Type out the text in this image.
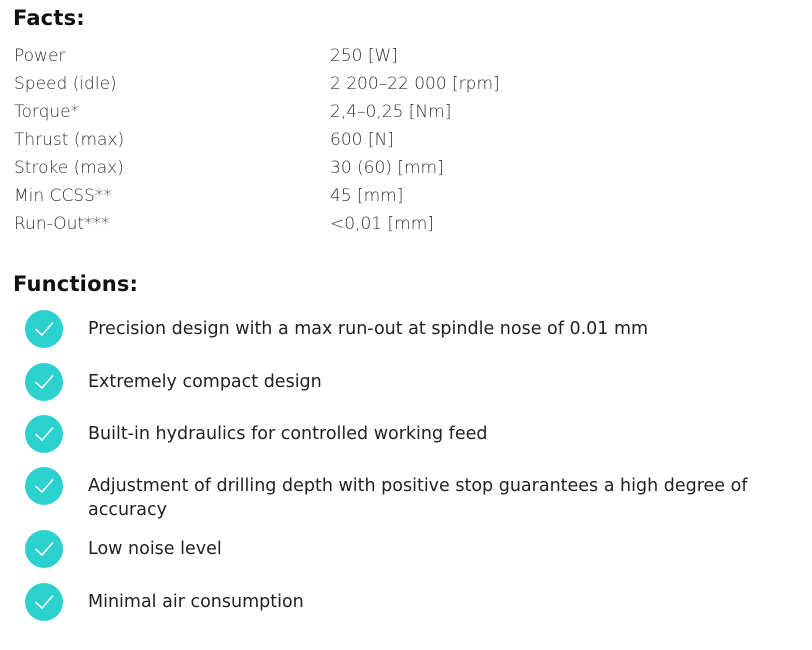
Facts:
Power	250 [W]
Speed (idle)	2 200–22 000 [rpm]
Torque*	2,4–0,25 [Nm]
Thrust (max)	600 [N]
Stroke (max)	30 (60) [mm]
Min CCSS**	45 [mm]
Run-Out***	<0,01 [mm]
Functions:
Precision design with a max run-out at spindle nose of 0.01 mm
Extremely compact design
Built-in hydraulics for controlled working feed
Adjustment of drilling depth with positive stop guarantees a high degree of accuracy
Low noise level
Minimal air consumption
